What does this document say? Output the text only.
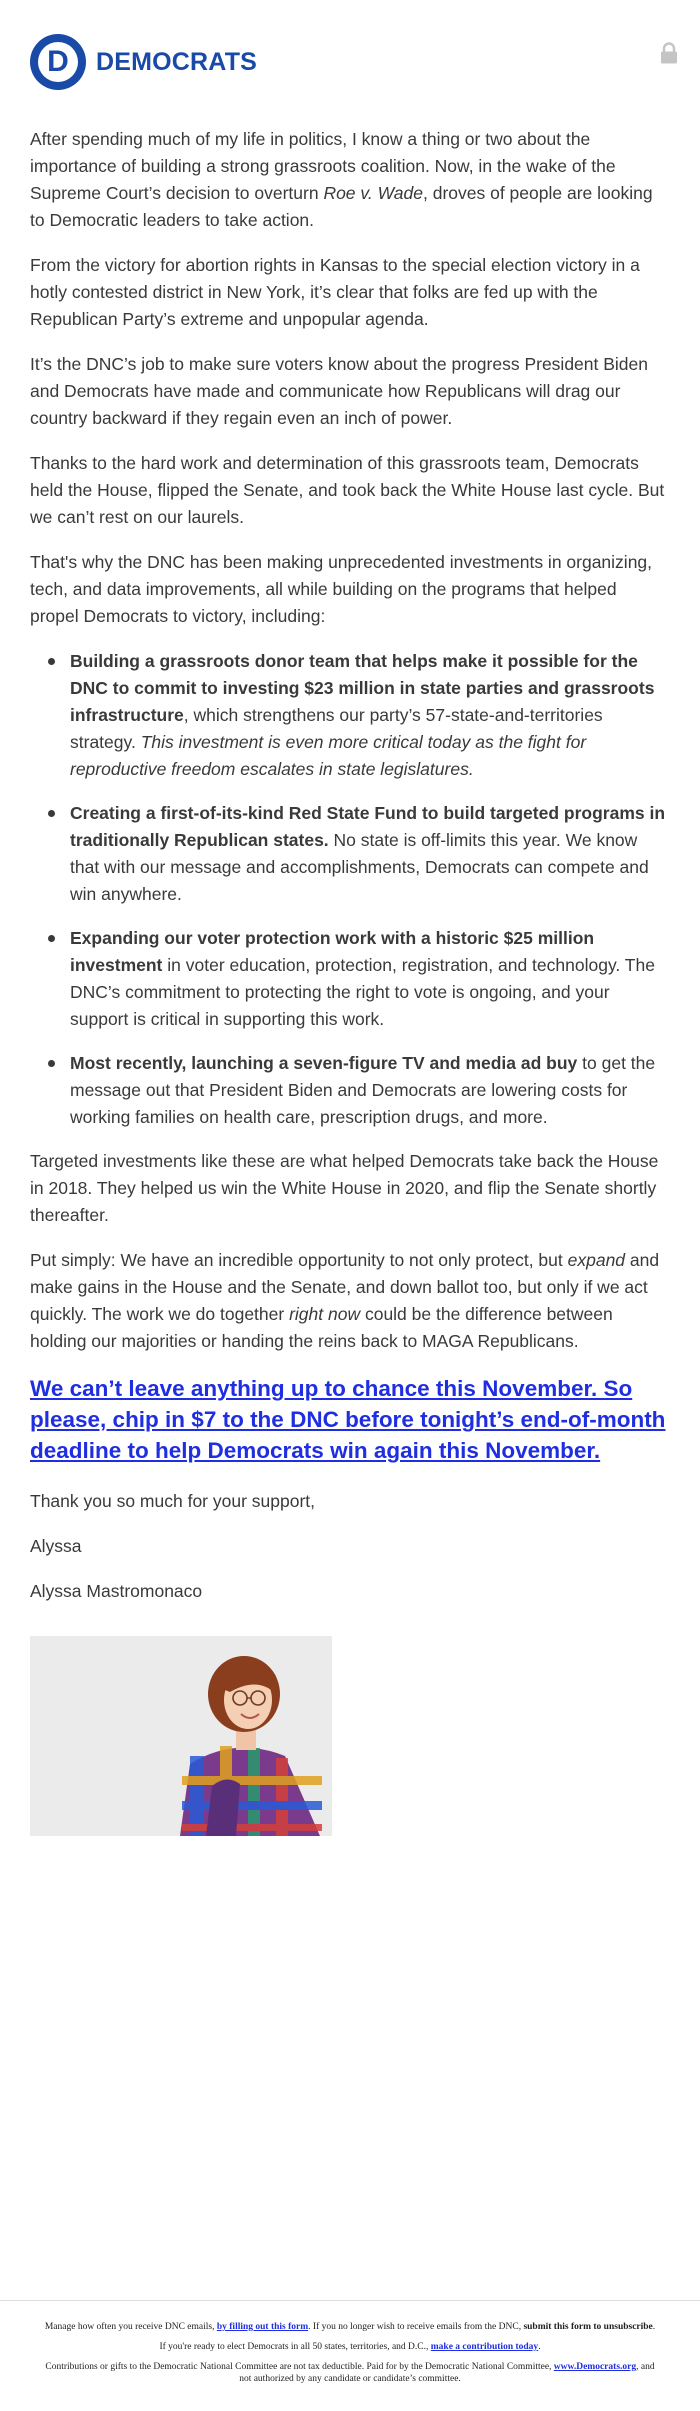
D	DEMOCRATS

After spending much of my life in politics, I know a thing or two about the importance of building a strong grassroots coalition. Now, in the wake of the Supreme Court’s decision to overturn Roe v. Wade, droves of people are looking to Democratic leaders to take action.

From the victory for abortion rights in Kansas to the special election victory in a hotly contested district in New York, it’s clear that folks are fed up with the Republican Party’s extreme and unpopular agenda.

It’s the DNC’s job to make sure voters know about the progress President Biden and Democrats have made and communicate how Republicans will drag our country backward if they regain even an inch of power.

Thanks to the hard work and determination of this grassroots team, Democrats held the House, flipped the Senate, and took back the White House last cycle. But we can’t rest on our laurels.

That's why the DNC has been making unprecedented investments in organizing, tech, and data improvements, all while building on the programs that helped propel Democrats to victory, including:

Building a grassroots donor team that helps make it possible for the DNC to commit to investing $23 million in state parties and grassroots infrastructure, which strengthens our party’s 57-state-and-territories strategy. This investment is even more critical today as the fight for reproductive freedom escalates in state legislatures.
Creating a first-of-its-kind Red State Fund to build targeted programs in traditionally Republican states. No state is off-limits this year. We know that with our message and accomplishments, Democrats can compete and win anywhere.
Expanding our voter protection work with a historic $25 million investment in voter education, protection, registration, and technology. The DNC’s commitment to protecting the right to vote is ongoing, and your support is critical in supporting this work.
Most recently, launching a seven-figure TV and media ad buy to get the message out that President Biden and Democrats are lowering costs for working families on health care, prescription drugs, and more.

Targeted investments like these are what helped Democrats take back the House in 2018. They helped us win the White House in 2020, and flip the Senate shortly thereafter.

Put simply: We have an incredible opportunity to not only protect, but expand and make gains in the House and the Senate, and down ballot too, but only if we act quickly. The work we do together right now could be the difference between holding our majorities or handing the reins back to MAGA Republicans.

We can’t leave anything up to chance this November. So please, chip in $7 to the DNC before tonight’s end-of-month deadline to help Democrats win again this November.

Thank you so much for your support,

Alyssa

Alyssa Mastromonaco

Manage how often you receive DNC emails, by filling out this form. If you no longer wish to receive emails from the DNC, submit this form to unsubscribe.

If you're ready to elect Democrats in all 50 states, territories, and D.C., make a contribution today.

Contributions or gifts to the Democratic National Committee are not tax deductible. Paid for by the Democratic National Committee, www.Democrats.org, and not authorized by any candidate or candidate’s committee.
